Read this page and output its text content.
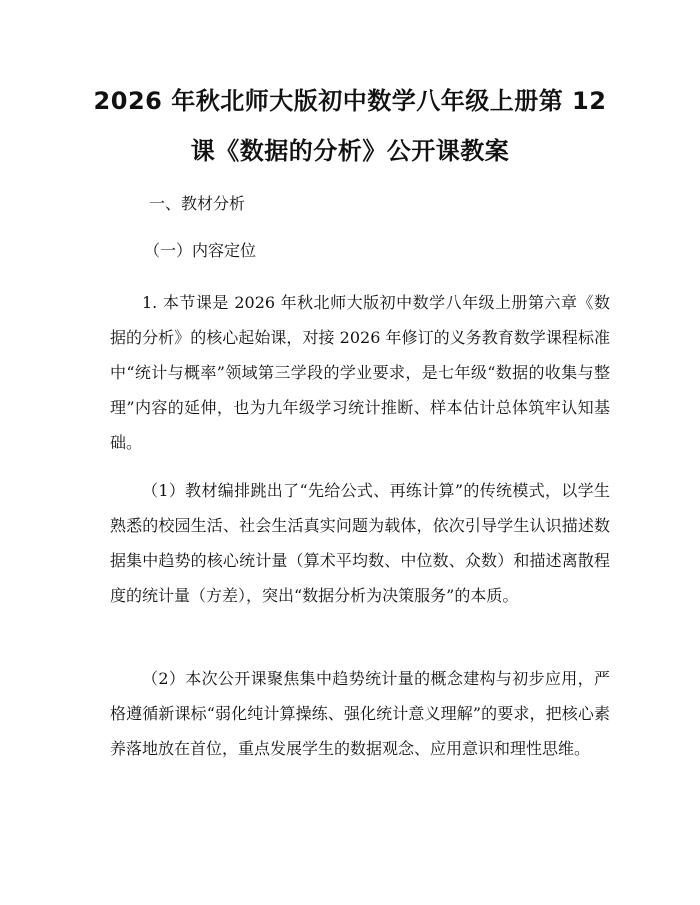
2026 年秋北师大版初中数学八年级上册第 12
课《数据的分析》公开课教案

一、教材分析

（一）内容定位

1. 本节课是 2026 年秋北师大版初中数学八年级上册第六章《数据的分析》的核心起始课，对接 2026 年修订的义务教育数学课程标准中“统计与概率”领域第三学段的学业要求，是七年级“数据的收集与整理”内容的延伸，也为九年级学习统计推断、样本估计总体筑牢认知基础。

（1）教材编排跳出了“先给公式、再练计算”的传统模式，以学生熟悉的校园生活、社会生活真实问题为载体，依次引导学生认识描述数据集中趋势的核心统计量（算术平均数、中位数、众数）和描述离散程度的统计量（方差），突出“数据分析为决策服务”的本质。

（2）本次公开课聚焦集中趋势统计量的概念建构与初步应用，严格遵循新课标“弱化纯计算操练、强化统计意义理解”的要求，把核心素养落地放在首位，重点发展学生的数据观念、应用意识和理性思维。
